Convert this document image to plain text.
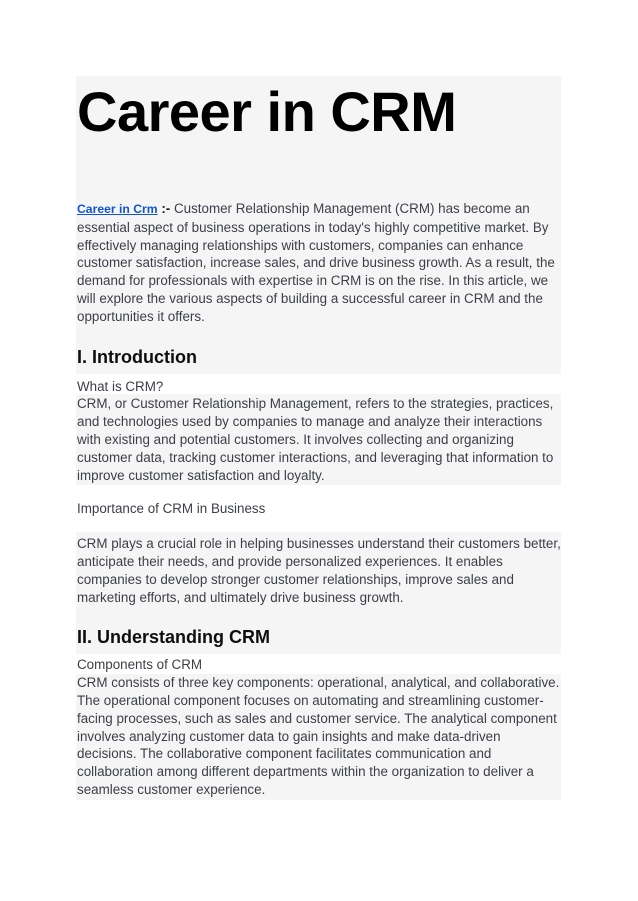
Career in CRM

Career in Crm :- Customer Relationship Management (CRM) has become an essential aspect of business operations in today's highly competitive market. By effectively managing relationships with customers, companies can enhance customer satisfaction, increase sales, and drive business growth. As a result, the demand for professionals with expertise in CRM is on the rise. In this article, we will explore the various aspects of building a successful career in CRM and the opportunities it offers.

I. Introduction

What is CRM?

CRM, or Customer Relationship Management, refers to the strategies, practices, and technologies used by companies to manage and analyze their interactions with existing and potential customers. It involves collecting and organizing customer data, tracking customer interactions, and leveraging that information to improve customer satisfaction and loyalty.

Importance of CRM in Business

CRM plays a crucial role in helping businesses understand their customers better, anticipate their needs, and provide personalized experiences. It enables companies to develop stronger customer relationships, improve sales and marketing efforts, and ultimately drive business growth.

II. Understanding CRM

Components of CRM

CRM consists of three key components: operational, analytical, and collaborative. The operational component focuses on automating and streamlining customer-facing processes, such as sales and customer service. The analytical component involves analyzing customer data to gain insights and make data-driven decisions. The collaborative component facilitates communication and collaboration among different departments within the organization to deliver a seamless customer experience.
